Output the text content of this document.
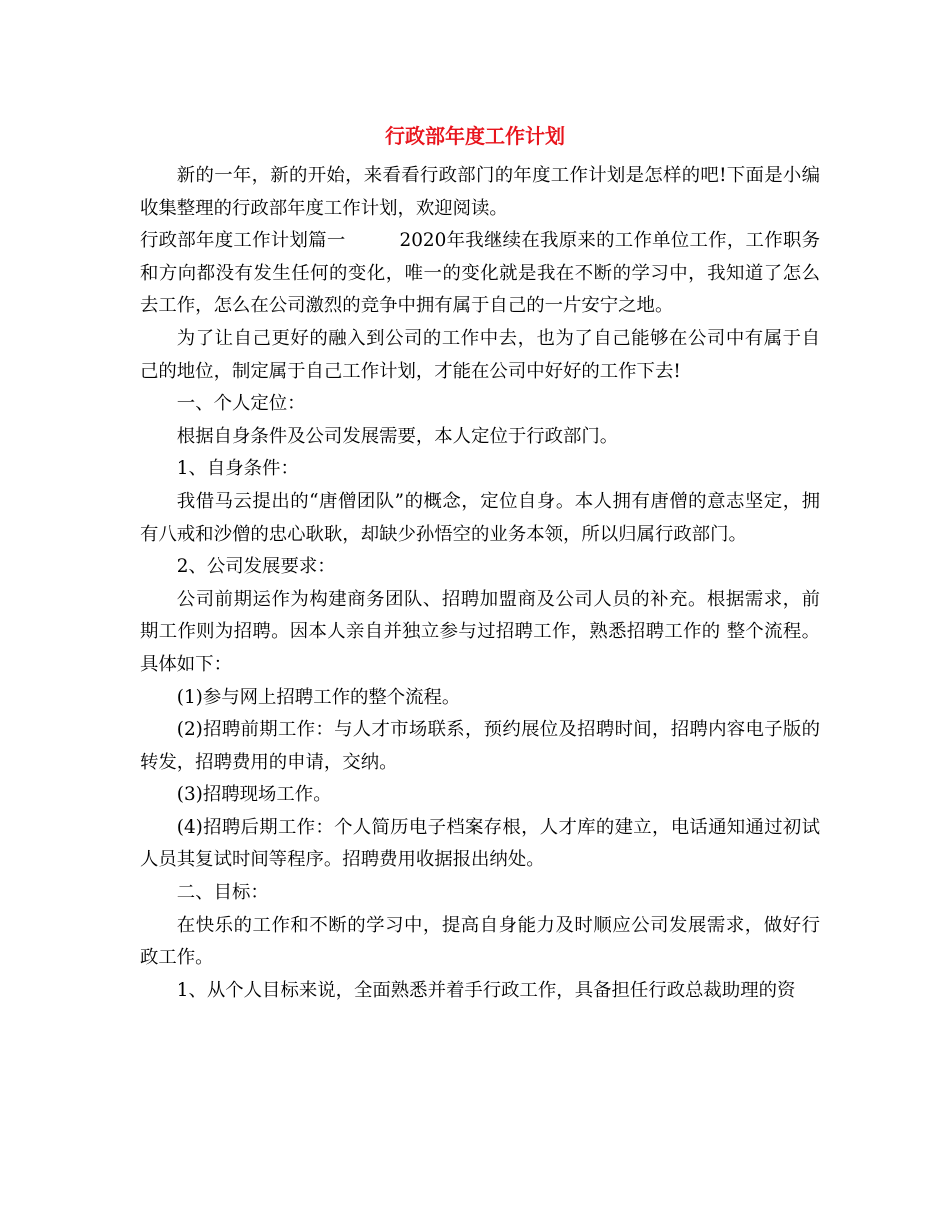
行政部年度工作计划

新的一年，新的开始，来看看行政部门的年度工作计划是怎样的吧!下面是小编收集整理的行政部年度工作计划，欢迎阅读。

行政部年度工作计划篇一	2020年我继续在我原来的工作单位工作，工作职务和方向都没有发生任何的变化，唯一的变化就是我在不断的学习中，我知道了怎么去工作，怎么在公司激烈的竞争中拥有属于自己的一片安宁之地。

为了让自己更好的融入到公司的工作中去，也为了自己能够在公司中有属于自己的地位，制定属于自己工作计划，才能在公司中好好的工作下去!

一、个人定位：

根据自身条件及公司发展需要，本人定位于行政部门。

1、自身条件：

我借马云提出的“唐僧团队”的概念，定位自身。本人拥有唐僧的意志坚定，拥有八戒和沙僧的忠心耿耿，却缺少孙悟空的业务本领，所以归属行政部门。

2、公司发展要求：

公司前期运作为构建商务团队、招聘加盟商及公司人员的补充。根据需求，前期工作则为招聘。因本人亲自并独立参与过招聘工作，熟悉招聘工作的 整个流程。具体如下：

(1)参与网上招聘工作的整个流程。

(2)招聘前期工作：与人才市场联系，预约展位及招聘时间，招聘内容电子版的转发，招聘费用的申请，交纳。

(3)招聘现场工作。

(4)招聘后期工作：个人简历电子档案存根，人才库的建立，电话通知通过初试人员其复试时间等程序。招聘费用收据报出纳处。

二、目标：

在快乐的工作和不断的学习中，提高自身能力及时顺应公司发展需求，做好行政工作。

1、从个人目标来说，全面熟悉并着手行政工作，具备担任行政总裁助理的资
